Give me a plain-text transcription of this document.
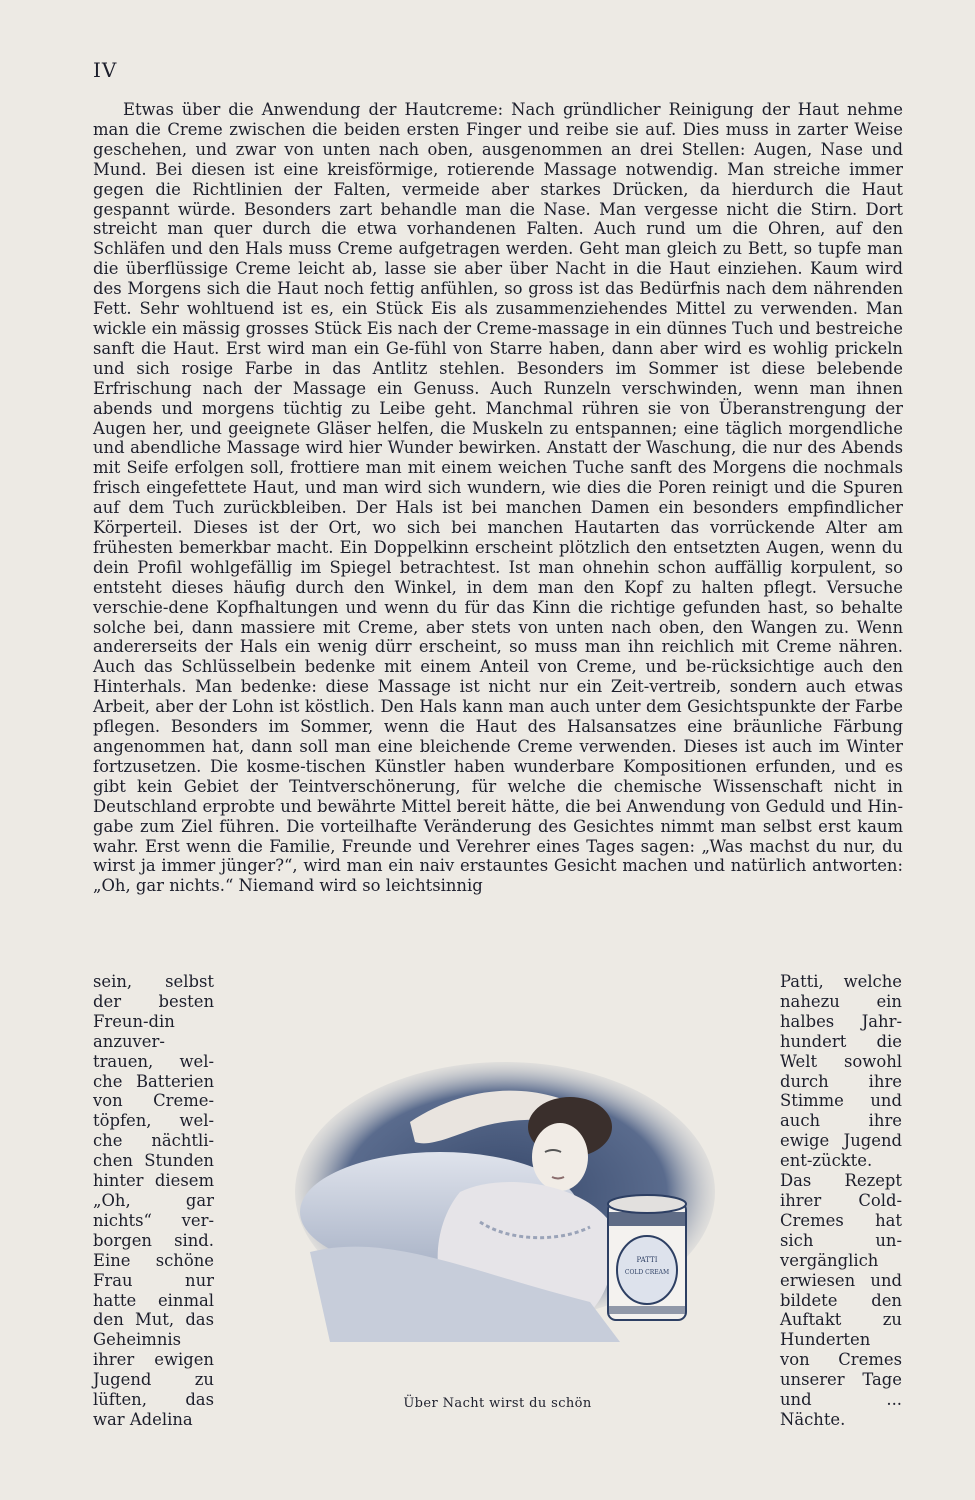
IV

Etwas über die Anwendung der Hautcreme: Nach gründlicher Reinigung der Haut nehme man die Creme zwischen die beiden ersten Finger und reibe sie auf. Dies muss in zarter Weise geschehen, und zwar von unten nach oben, ausgenommen an drei Stellen: Augen, Nase und Mund. Bei diesen ist eine kreisförmige, rotierende Massage notwendig. Man streiche immer gegen die Richtlinien der Falten, vermeide aber starkes Drücken, da hierdurch die Haut gespannt würde. Besonders zart behandle man die Nase. Man vergesse nicht die Stirn. Dort streicht man quer durch die etwa vorhandenen Falten. Auch rund um die Ohren, auf den Schläfen und den Hals muss Creme aufgetragen werden. Geht man gleich zu Bett, so tupfe man die überflüssige Creme leicht ab, lasse sie aber über Nacht in die Haut einziehen. Kaum wird des Morgens sich die Haut noch fettig anfühlen, so gross ist das Bedürfnis nach dem nährenden Fett. Sehr wohltuend ist es, ein Stück Eis als zusammenziehendes Mittel zu verwenden. Man wickle ein mässig grosses Stück Eis nach der Creme-massage in ein dünnes Tuch und bestreiche sanft die Haut. Erst wird man ein Ge-fühl von Starre haben, dann aber wird es wohlig prickeln und sich rosige Farbe in das Antlitz stehlen. Besonders im Sommer ist diese belebende Erfrischung nach der Massage ein Genuss. Auch Runzeln verschwinden, wenn man ihnen abends und morgens tüchtig zu Leibe geht. Manchmal rühren sie von Überanstrengung der Augen her, und geeignete Gläser helfen, die Muskeln zu entspannen; eine täglich morgendliche und abendliche Massage wird hier Wunder bewirken. Anstatt der Waschung, die nur des Abends mit Seife erfolgen soll, frottiere man mit einem weichen Tuche sanft des Morgens die nochmals frisch eingefettete Haut, und man wird sich wundern, wie dies die Poren reinigt und die Spuren auf dem Tuch zurückbleiben. Der Hals ist bei manchen Damen ein besonders empfindlicher Körperteil. Dieses ist der Ort, wo sich bei manchen Hautarten das vorrückende Alter am frühesten bemerkbar macht. Ein Doppelkinn erscheint plötzlich den entsetzten Augen, wenn du dein Profil wohlgefällig im Spiegel betrachtest. Ist man ohnehin schon auffällig korpulent, so entsteht dieses häufig durch den Winkel, in dem man den Kopf zu halten pflegt. Versuche verschie-dene Kopfhaltungen und wenn du für das Kinn die richtige gefunden hast, so behalte solche bei, dann massiere mit Creme, aber stets von unten nach oben, den Wangen zu. Wenn andererseits der Hals ein wenig dürr erscheint, so muss man ihn reichlich mit Creme nähren. Auch das Schlüsselbein bedenke mit einem Anteil von Creme, und be-rücksichtige auch den Hinterhals. Man bedenke: diese Massage ist nicht nur ein Zeit-vertreib, sondern auch etwas Arbeit, aber der Lohn ist köstlich. Den Hals kann man auch unter dem Gesichtspunkte der Farbe pflegen. Besonders im Sommer, wenn die Haut des Halsansatzes eine bräunliche Färbung angenommen hat, dann soll man eine bleichende Creme verwenden. Dieses ist auch im Winter fortzusetzen. Die kosme-tischen Künstler haben wunderbare Kompositionen erfunden, und es gibt kein Gebiet der Teintverschönerung, für welche die chemische Wissenschaft nicht in Deutschland erprobte und bewährte Mittel bereit hätte, die bei Anwendung von Geduld und Hin-gabe zum Ziel führen. Die vorteilhafte Veränderung des Gesichtes nimmt man selbst erst kaum wahr. Erst wenn die Familie, Freunde und Verehrer eines Tages sagen: „Was machst du nur, du wirst ja immer jünger?“, wird man ein naiv erstauntes Gesicht machen und natürlich antworten: „Oh, gar nichts.“ Niemand wird so leichtsinnig

sein, selbst der besten Freun-din anzuver-trauen, wel-che Batterien von Creme-töpfen, wel-che nächtli-chen Stunden hinter diesem „Oh, gar nichts“ ver-borgen sind. Eine schöne Frau nur hatte einmal den Mut, das Geheimnis ihrer ewigen Jugend zu lüften, das war Adelina

PATTI
COLD CREAM
Über Nacht wirst du schön

Patti, welche nahezu ein halbes Jahr-hundert die Welt sowohl durch ihre Stimme und auch ihre ewige Jugend ent-zückte. Das Rezept ihrer Cold-Cremes hat sich un-vergänglich erwiesen und bildete den Auftakt zu Hunderten von Cremes unserer Tage und ... Nächte.
